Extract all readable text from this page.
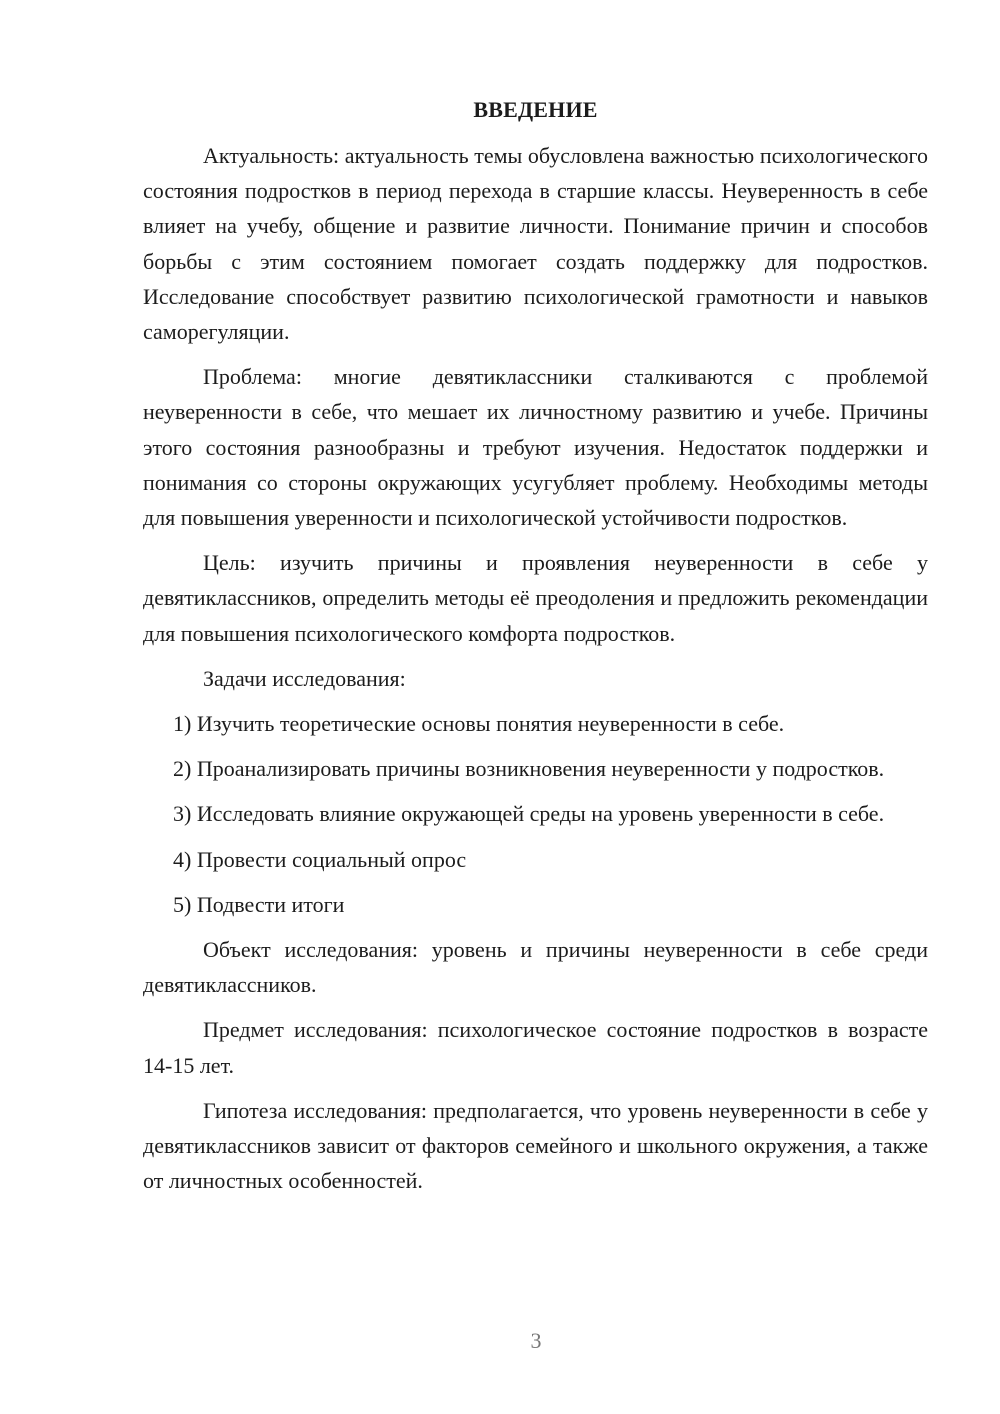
ВВЕДЕНИЕ

Актуальность: актуальность темы обусловлена важностью психологического состояния подростков в период перехода в старшие классы. Неуверенность в себе влияет на учебу, общение и развитие личности. Понимание причин и способов борьбы с этим состоянием помогает создать поддержку для подростков. Исследование способствует развитию психологической грамотности и навыков саморегуляции.

Проблема: многие девятиклассники сталкиваются с проблемой неуверенности в себе, что мешает их личностному развитию и учебе. Причины этого состояния разнообразны и требуют изучения. Недостаток поддержки и понимания со стороны окружающих усугубляет проблему. Необходимы методы для повышения уверенности и психологической устойчивости подростков.

Цель: изучить причины и проявления неуверенности в себе у девятиклассников, определить методы её преодоления и предложить рекомендации для повышения психологического комфорта подростков.

Задачи исследования:

1) Изучить теоретические основы понятия неуверенности в себе.

2) Проанализировать причины возникновения неуверенности у подростков.

3) Исследовать влияние окружающей среды на уровень уверенности в себе.

4) Провести социальный опрос

5) Подвести итоги

Объект исследования: уровень и причины неуверенности в себе среди девятиклассников.

Предмет исследования: психологическое состояние подростков в возрасте 14-15 лет.

Гипотеза исследования: предполагается, что уровень неуверенности в себе у девятиклассников зависит от факторов семейного и школьного окружения, а также от личностных особенностей.

3
